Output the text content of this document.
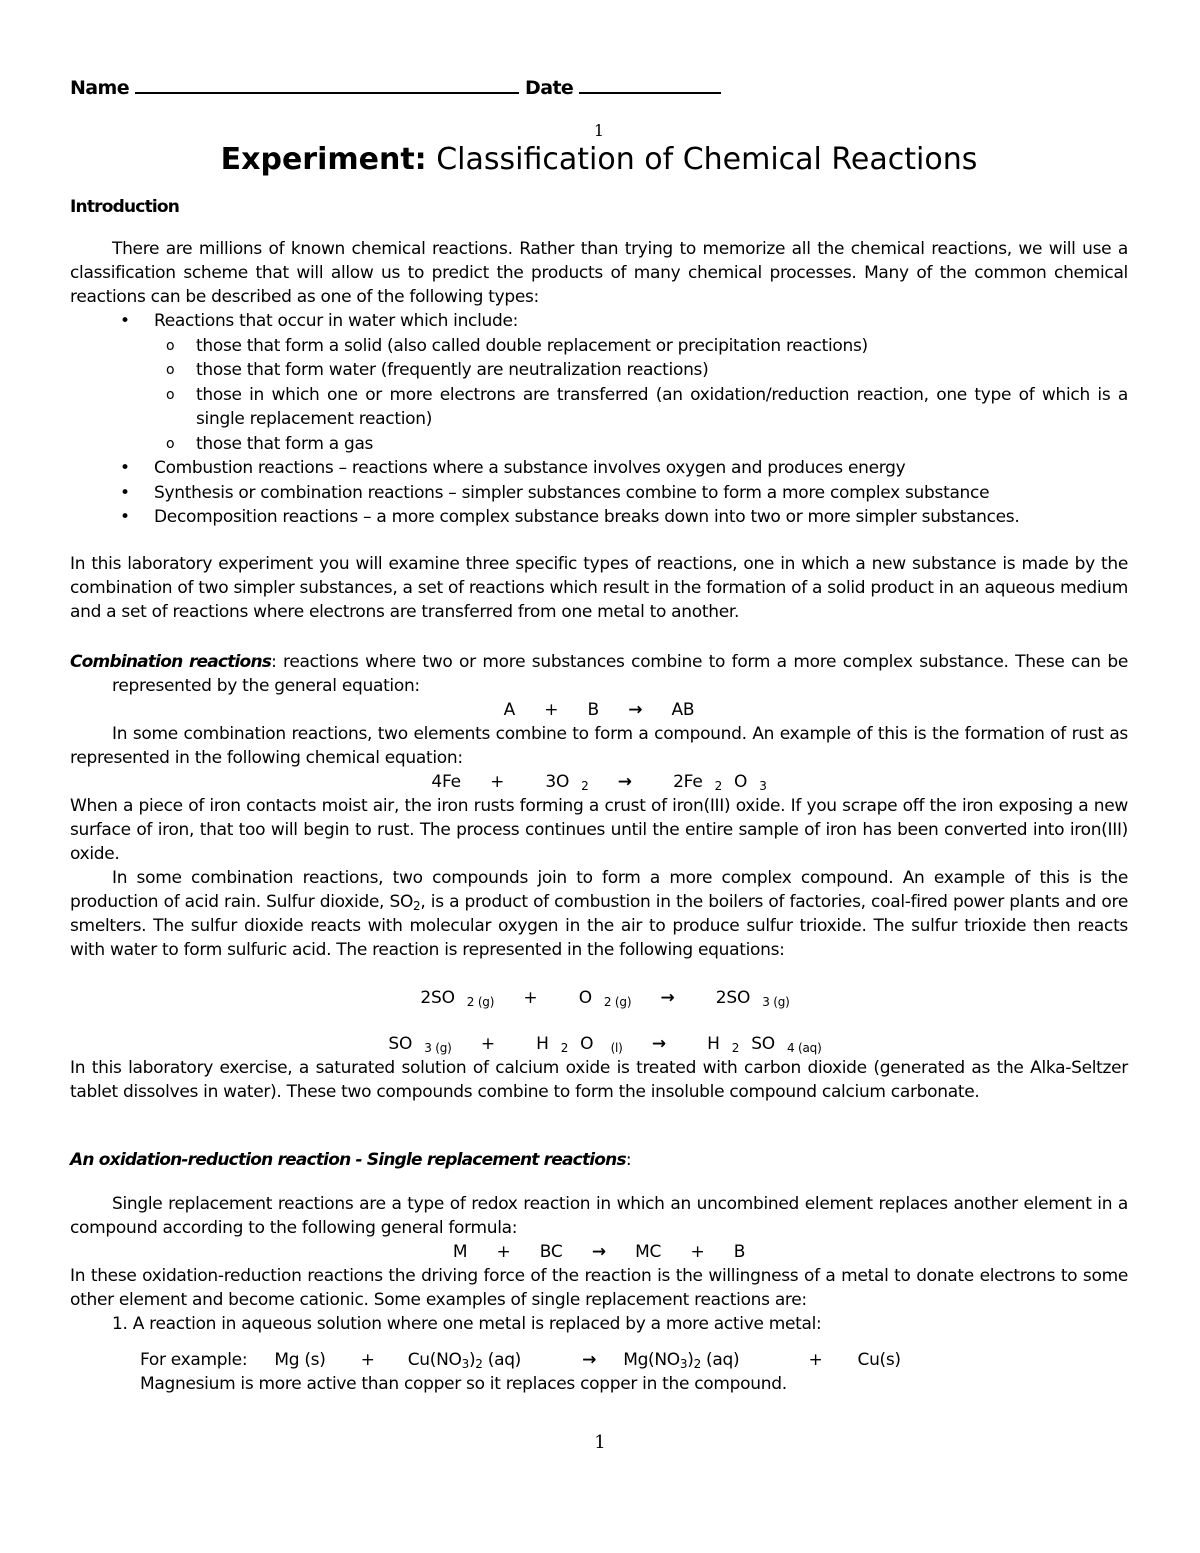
Name	Date
1
Experiment: Classification of Chemical Reactions
Introduction

There are millions of known chemical reactions. Rather than trying to memorize all the chemical reactions, we will use a classification scheme that will allow us to predict the products of many chemical processes. Many of the common chemical reactions can be described as one of the following types:

• Reactions that occur in water which include:
o those that form a solid (also called double replacement or precipitation reactions)
o those that form water (frequently are neutralization reactions)
o those in which one or more electrons are transferred (an oxidation/reduction reaction, one type of which is a single replacement reaction)
o those that form a gas
• Combustion reactions – reactions where a substance involves oxygen and produces energy
• Synthesis or combination reactions – simpler substances combine to form a more complex substance
• Decomposition reactions – a more complex substance breaks down into two or more simpler substances.

In this laboratory experiment you will examine three specific types of reactions, one in which a new substance is made by the combination of two simpler substances, a set of reactions which result in the formation of a solid product in an aqueous medium and a set of reactions where electrons are transferred from one metal to another.

Combination reactions: reactions where two or more substances combine to form a more complex substance. These can be represented by the general equation:

A + B → AB

In some combination reactions, two elements combine to form a compound. An example of this is the formation of rust as represented in the following chemical equation:

4Fe + 3O $_2$ → 2Fe $_2$ O $_3$

When a piece of iron contacts moist air, the iron rusts forming a crust of iron(III) oxide. If you scrape off the iron exposing a new surface of iron, that too will begin to rust. The process continues until the entire sample of iron has been converted into iron(III) oxide.

In some combination reactions, two compounds join to form a more complex compound. An example of this is the production of acid rain. Sulfur dioxide, $SO_2$, is a product of combustion in the boilers of factories, coal-fired power plants and ore smelters. The sulfur dioxide reacts with molecular oxygen in the air to produce sulfur trioxide. The sulfur trioxide then reacts with water to form sulfuric acid. The reaction is represented in the following equations:

2SO $_{2 (g)}$ + O $_{2 (g)}$ → 2SO $_{3 (g)}$
SO $_{3 (g)}$ + H $_2$ O $_{(l)}$ → H $_2$ SO $_{4 (aq)}$

In this laboratory exercise, a saturated solution of calcium oxide is treated with carbon dioxide (generated as the Alka-Seltzer tablet dissolves in water). These two compounds combine to form the insoluble compound calcium carbonate.

An oxidation-reduction reaction - Single replacement reactions:

Single replacement reactions are a type of redox reaction in which an uncombined element replaces another element in a compound according to the following general formula:

M + BC → MC + B

In these oxidation-reduction reactions the driving force of the reaction is the willingness of a metal to donate electrons to some other element and become cationic. Some examples of single replacement reactions are:

1. A reaction in aqueous solution where one metal is replaced by a more active metal:
For example: Mg $(s) + Cu(NO_3)_2$ (aq)	→ $Mg(NO_3)_2$ (aq)	+ Cu(s)
Magnesium is more active than copper so it replaces copper in the compound.
1
